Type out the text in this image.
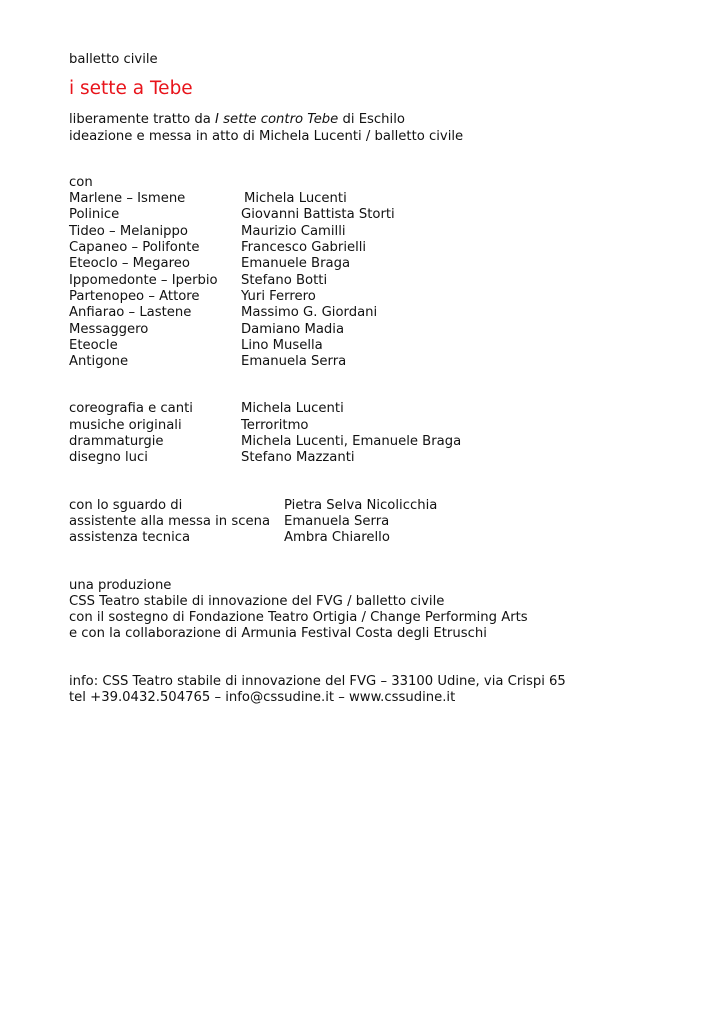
balletto civile
i sette a Tebe
liberamente tratto da I sette contro Tebe di Eschilo
ideazione e messa in atto di Michela Lucenti / balletto civile
con
Marlene – Ismene	Michela Lucenti
Polinice	Giovanni Battista Storti
Tideo – Melanippo	Maurizio Camilli
Capaneo – Polifonte	Francesco Gabrielli
Eteoclo – Megareo	Emanuele Braga
Ippomedonte – Iperbio	Stefano Botti
Partenopeo – Attore	Yuri Ferrero
Anfiarao – Lastene	Massimo G. Giordani
Messaggero	Damiano Madia
Eteocle	Lino Musella
Antigone	Emanuela Serra
coreografia e canti	Michela Lucenti
musiche originali	Terroritmo
drammaturgie	Michela Lucenti, Emanuele Braga
disegno luci	Stefano Mazzanti
con lo sguardo di	Pietra Selva Nicolicchia
assistente alla messa in scena	Emanuela Serra
assistenza tecnica	Ambra Chiarello
una produzione
CSS Teatro stabile di innovazione del FVG / balletto civile
con il sostegno di Fondazione Teatro Ortigia / Change Performing Arts
e con la collaborazione di Armunia Festival Costa degli Etruschi
info: CSS Teatro stabile di innovazione del FVG – 33100 Udine, via Crispi 65
tel +39.0432.504765 – info@cssudine.it – www.cssudine.it
